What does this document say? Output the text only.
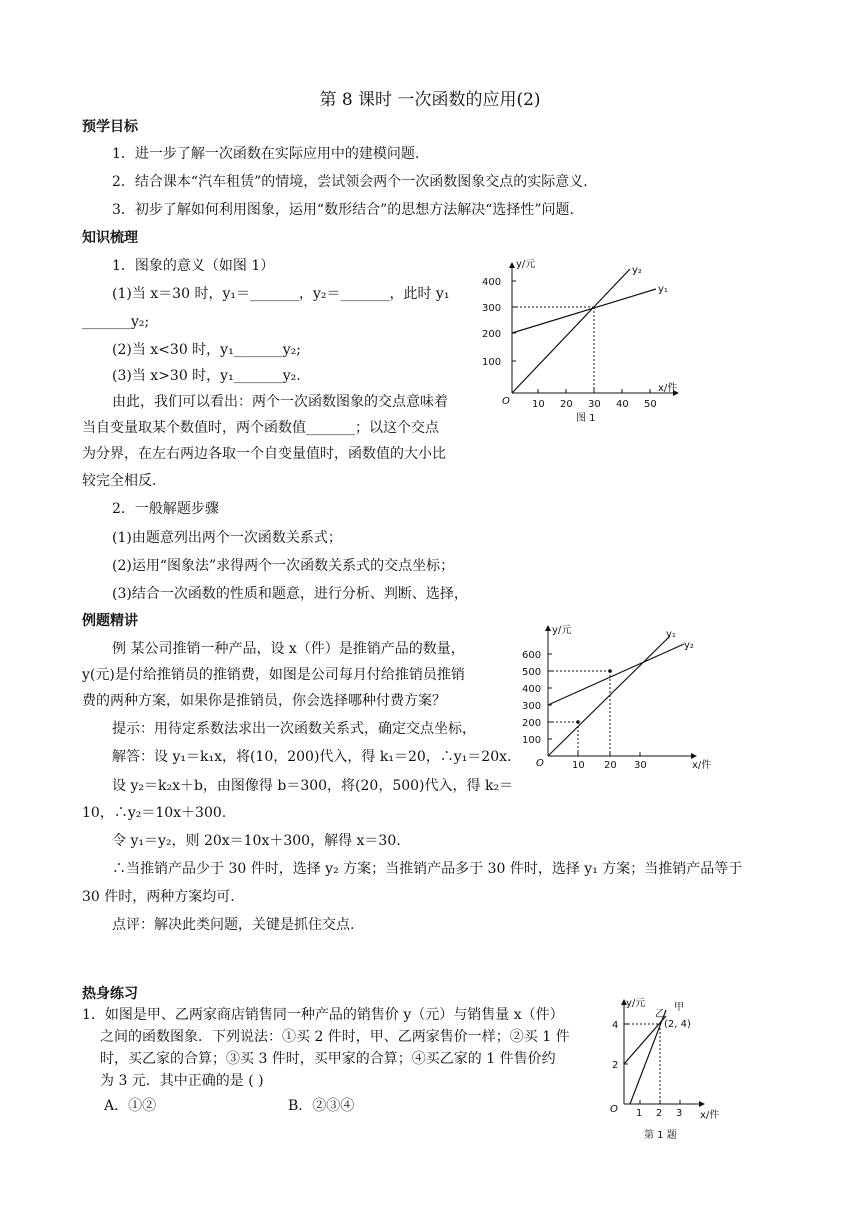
第 8 课时 一次函数的应用(2)
预学目标
1．进一步了解一次函数在实际应用中的建模问题.
2．结合课本“汽车租赁”的情境，尝试领会两个一次函数图象交点的实际意义.
3．初步了解如何利用图象，运用“数形结合”的思想方法解决“选择性”问题.
知识梳理
1．图象的意义（如图 1）
(1)当 x＝30 时，y₁＝_______，y₂＝_______，此时 y₁
_______y₂;
(2)当 x<30 时，y₁_______y₂;
(3)当 x>30 时，y₁_______y₂.
由此，我们可以看出：两个一次函数图象的交点意味着
当自变量取某个数值时，两个函数值_______；以这个交点
为分界，在左右两边各取一个自变量值时，函数值的大小比
较完全相反.
2．一般解题步骤
(1)由题意列出两个一次函数关系式；
(2)运用“图象法”求得两个一次函数关系式的交点坐标；
(3)结合一次函数的性质和题意，进行分析、判断、选择，
例题精讲
例 某公司推销一种产品，设 x（件）是推销产品的数量，
y(元)是付给推销员的推销费，如图是公司每月付给推销员推销
费的两种方案，如果你是推销员，你会选择哪种付费方案？
提示：用待定系数法求出一次函数关系式，确定交点坐标，
解答：设 y₁＝k₁x，将(10，200)代入，得 k₁＝20，∴y₁＝20x.
设 y₂＝k₂x＋b，由图像得 b＝300，将(20，500)代入，得 k₂＝
10，∴y₂＝10x＋300.
令 y₁＝y₂，则 20x＝10x＋300，解得 x＝30.
∴当推销产品少于 30 件时，选择 y₂ 方案；当推销产品多于 30 件时，选择 y₁ 方案；当推销产品等于
30 件时，两种方案均可.
点评：解决此类问题，关键是抓住交点.
热身练习
1．如图是甲、乙两家商店销售同一种产品的销售价 y（元）与销售量 x（件）
之间的函数图象．下列说法：①买 2 件时，甲、乙两家售价一样；②买 1 件
时，买乙家的合算；③买 3 件时，买甲家的合算；④买乙家的 1 件售价约
为 3 元．其中正确的是 ( )
A．①②	B．②③④
y/元
x/件
O
100
200
300
400
10 20 30 40 50
y₂
y₁
图 1
y/元
x/件
O
100
200
300
400
500
600
10 20 30
y₁
y₂
y/元
x/件
O
2
4
1 2 3
甲
乙
(2, 4)
第 1 题
